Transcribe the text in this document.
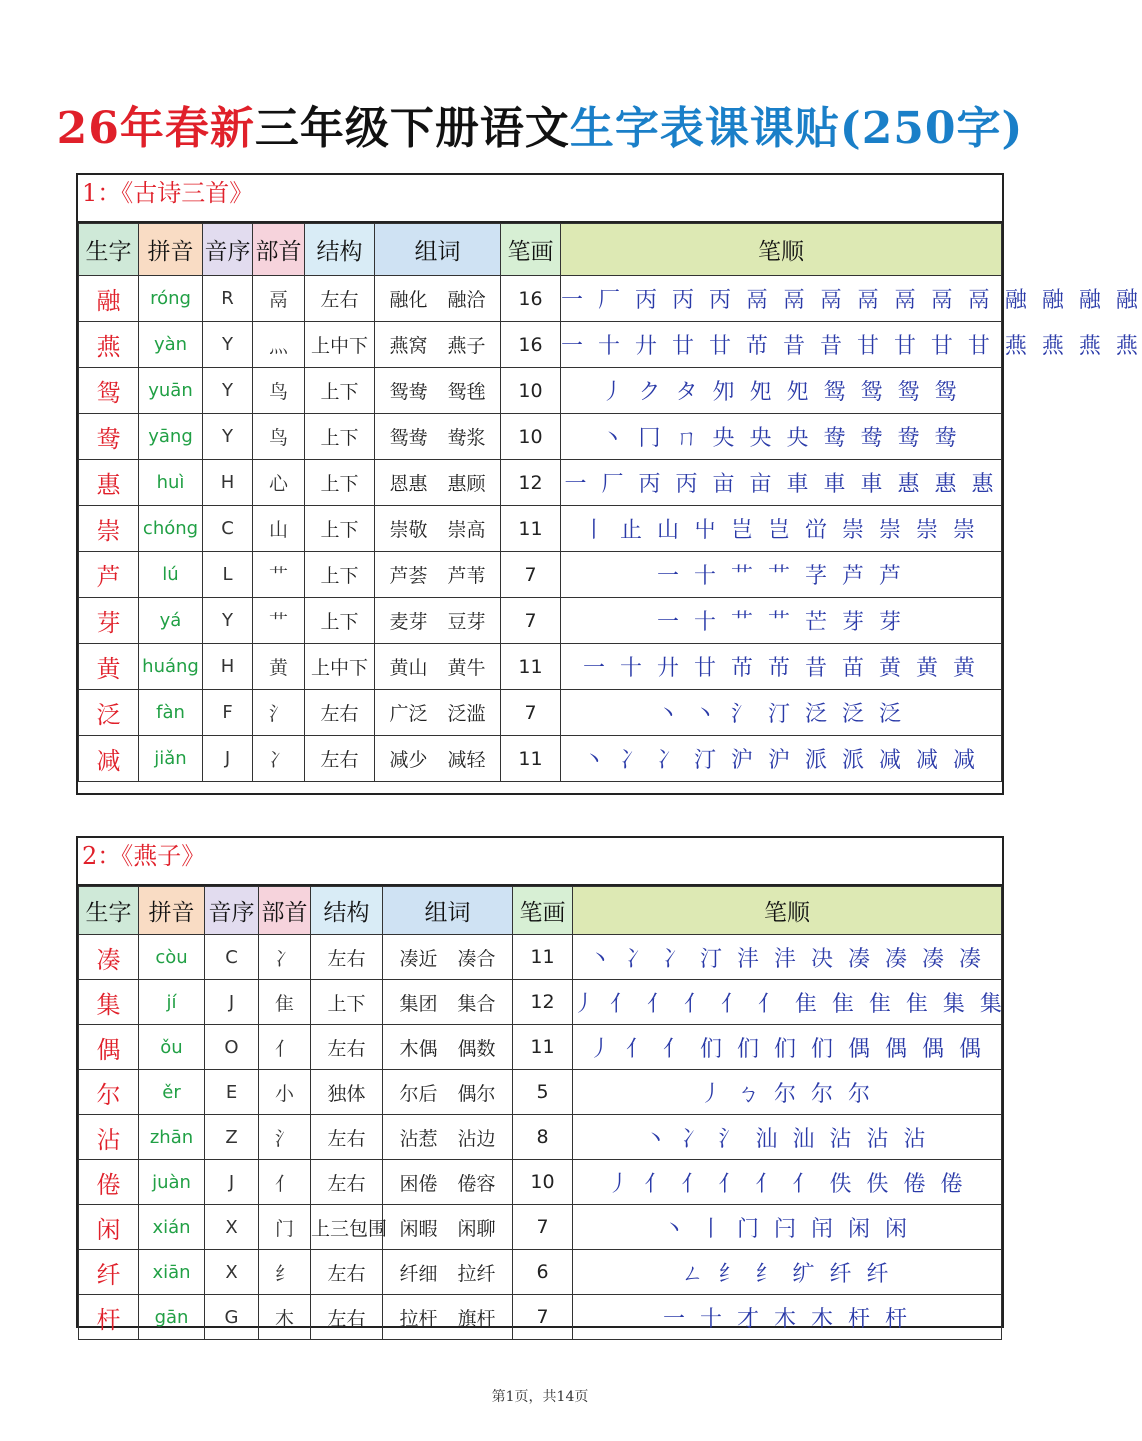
26年春新三年级下册语文生字表课课贴(250字)
1：《古诗三首》
生字	拼音	音序	部首	结构	组词	笔画	笔顺
融	róng	R	鬲	左右	融化 融洽	16	一 厂 丙 丙 丙 鬲 鬲 鬲 鬲 鬲 鬲 鬲 融 融 融 融
燕	yàn	Y	灬	上中下	燕窝 燕子	16	一 十 廾 廿 廿 芇 昔 昔 甘 甘 甘 甘 燕 燕 燕 燕
鸳	yuān	Y	鸟	上下	鸳鸯 鸳毪	10	丿 ク タ 夘 夗 夗 鸳 鸳 鸳 鸳
鸯	yāng	Y	鸟	上下	鸳鸯 鸯浆	10	丶 冂 ㄇ 央 央 央 鸯 鸯 鸯 鸯
惠	huì	H	心	上下	恩惠 惠顾	12	一 厂 丙 丙 亩 亩 車 車 車 惠 惠 惠
崇	chóng	C	山	上下	崇敬 崇高	11	丨 止 山 屮 岂 岂 峃 崇 崇 崇 崇
芦	lú	L	艹	上下	芦荟 芦苇	7	一 十 艹 艹 芓 芦 芦
芽	yá	Y	艹	上下	麦芽 豆芽	7	一 十 艹 艹 芒 芽 芽
黄	huáng	H	黄	上中下	黄山 黄牛	11	一 十 廾 廿 芇 芇 昔 苗 黄 黄 黄
泛	fàn	F	氵	左右	广泛 泛滥	7	丶 丶 氵 汀 泛 泛 泛
减	jiǎn	J	冫	左右	减少 减轻	11	丶 冫 冫 汀 沪 沪 派 派 减 减 减
2：《燕子》
生字	拼音	音序	部首	结构	组词	笔画	笔顺
凑	còu	C	冫	左右	凑近 凑合	11	丶 冫 冫 汀 沣 沣 决 凑 凑 凑 凑
集	jí	J	隹	上下	集团 集合	12	丿 亻 亻 亻 亻 亻 隹 隹 隹 隹 集 集
偶	ǒu	O	亻	左右	木偶 偶数	11	丿 亻 亻 们 们 们 们 偶 偶 偶 偶
尔	ěr	E	小	独体	尔后 偶尔	5	丿 ㄅ 尔 尔 尔
沾	zhān	Z	氵	左右	沾惹 沾边	8	丶 冫 氵 汕 汕 沾 沾 沾
倦	juàn	J	亻	左右	困倦 倦容	10	丿 亻 亻 亻 亻 亻 佚 佚 倦 倦
闲	xián	X	门	上三包围	闲暇 闲聊	7	丶 丨 门 闩 闬 闲 闲
纤	xiān	X	纟	左右	纤细 拉纤	6	ㄥ 纟 纟 纩 纤 纤
杆	gān	G	木	左右	拉杆 旗杆	7	一 十 才 木 木 杆 杆
第1页，共14页
